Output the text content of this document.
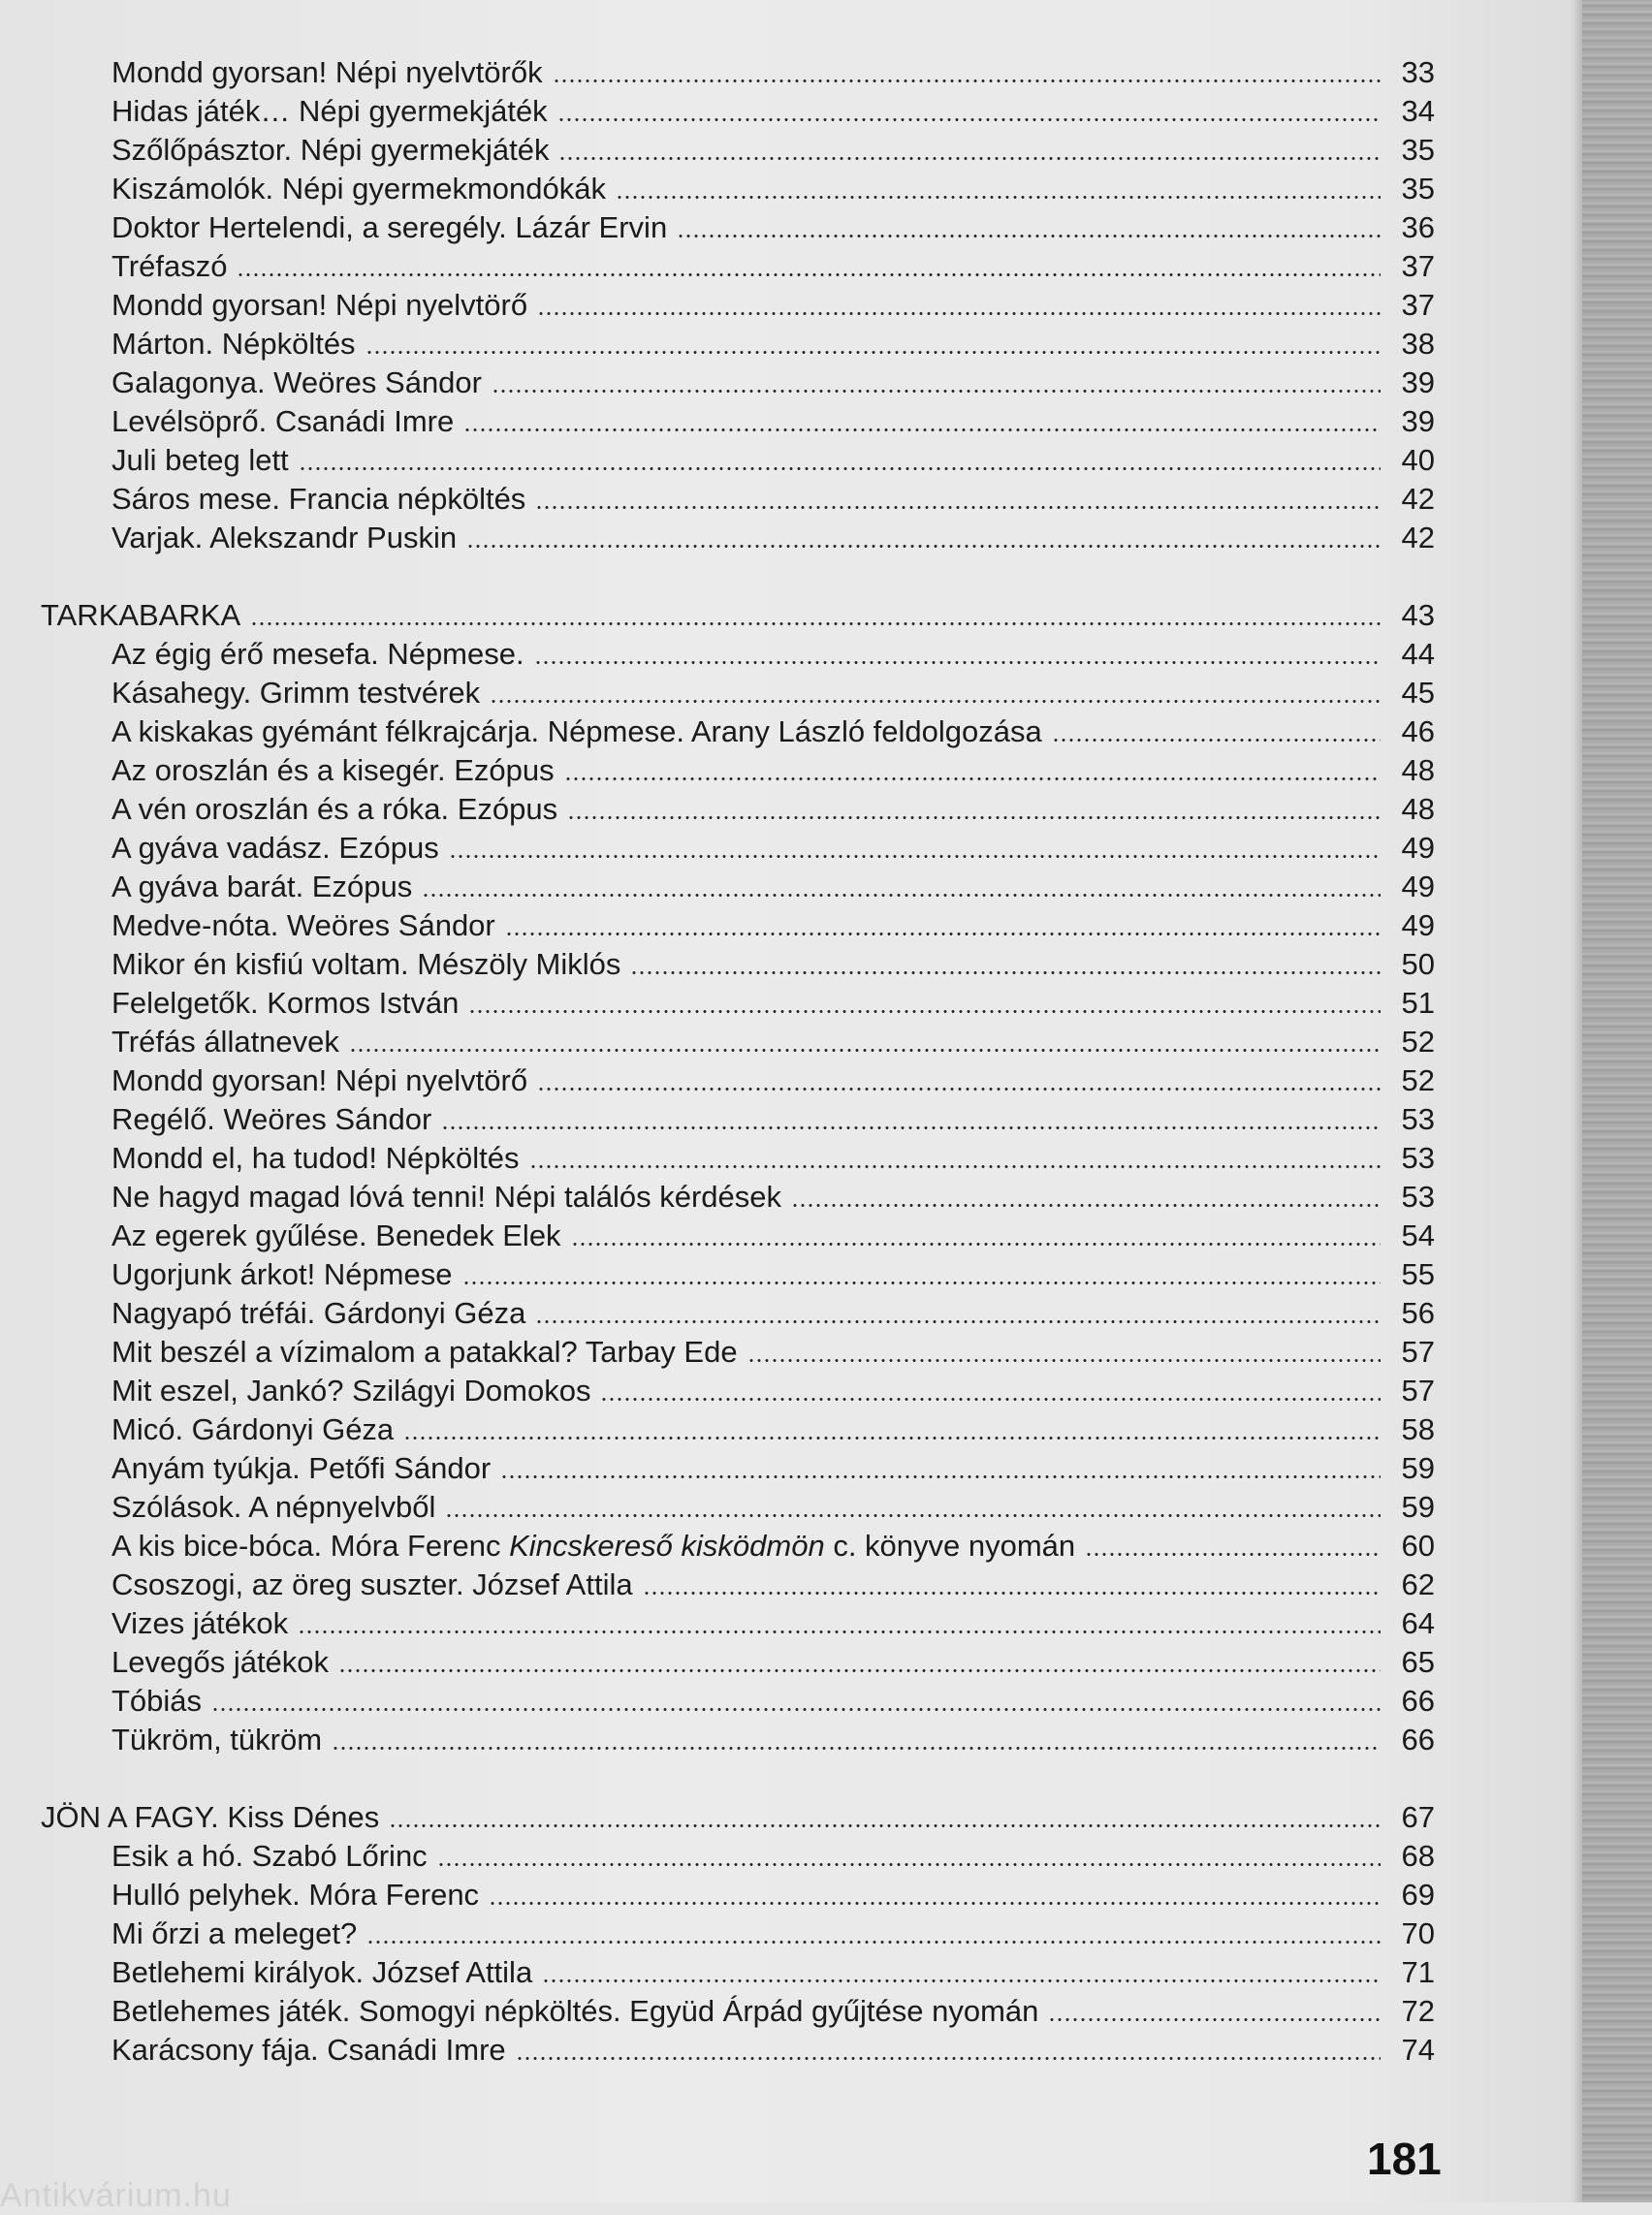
Mondd gyorsan! Népi nyelvtörők	33
Hidas játék… Népi gyermekjáték	34
Szőlőpásztor. Népi gyermekjáték	35
Kiszámolók. Népi gyermekmondókák	35
Doktor Hertelendi, a seregély. Lázár Ervin	36
Tréfaszó	37
Mondd gyorsan! Népi nyelvtörő	37
Márton. Népköltés	38
Galagonya. Weöres Sándor	39
Levélsöprő. Csanádi Imre	39
Juli beteg lett	40
Sáros mese. Francia népköltés	42
Varjak. Alekszandr Puskin	42
TARKABARKA	43
Az égig érő mesefa. Népmese.	44
Kásahegy. Grimm testvérek	45
A kiskakas gyémánt félkrajcárja. Népmese. Arany László feldolgozása	46
Az oroszlán és a kisegér. Ezópus	48
A vén oroszlán és a róka. Ezópus	48
A gyáva vadász. Ezópus	49
A gyáva barát. Ezópus	49
Medve-nóta. Weöres Sándor	49
Mikor én kisfiú voltam. Mészöly Miklós	50
Felelgetők. Kormos István	51
Tréfás állatnevek	52
Mondd gyorsan! Népi nyelvtörő	52
Regélő. Weöres Sándor	53
Mondd el, ha tudod! Népköltés	53
Ne hagyd magad lóvá tenni! Népi találós kérdések	53
Az egerek gyűlése. Benedek Elek	54
Ugorjunk árkot! Népmese	55
Nagyapó tréfái. Gárdonyi Géza	56
Mit beszél a vízimalom a patakkal? Tarbay Ede	57
Mit eszel, Jankó? Szilágyi Domokos	57
Micó. Gárdonyi Géza	58
Anyám tyúkja. Petőfi Sándor	59
Szólások. A népnyelvből	59
A kis bice-bóca. Móra Ferenc Kincskereső kisködmön c. könyve nyomán	60
Csoszogi, az öreg suszter. József Attila	62
Vizes játékok	64
Levegős játékok	65
Tóbiás	66
Tükröm, tükröm	66
JÖN A FAGY. Kiss Dénes	67
Esik a hó. Szabó Lőrinc	68
Hulló pelyhek. Móra Ferenc	69
Mi őrzi a meleget?	70
Betlehemi királyok. József Attila	71
Betlehemes játék. Somogyi népköltés. Együd Árpád gyűjtése nyomán	72
Karácsony fája. Csanádi Imre	74
181
Antikvárium.hu
